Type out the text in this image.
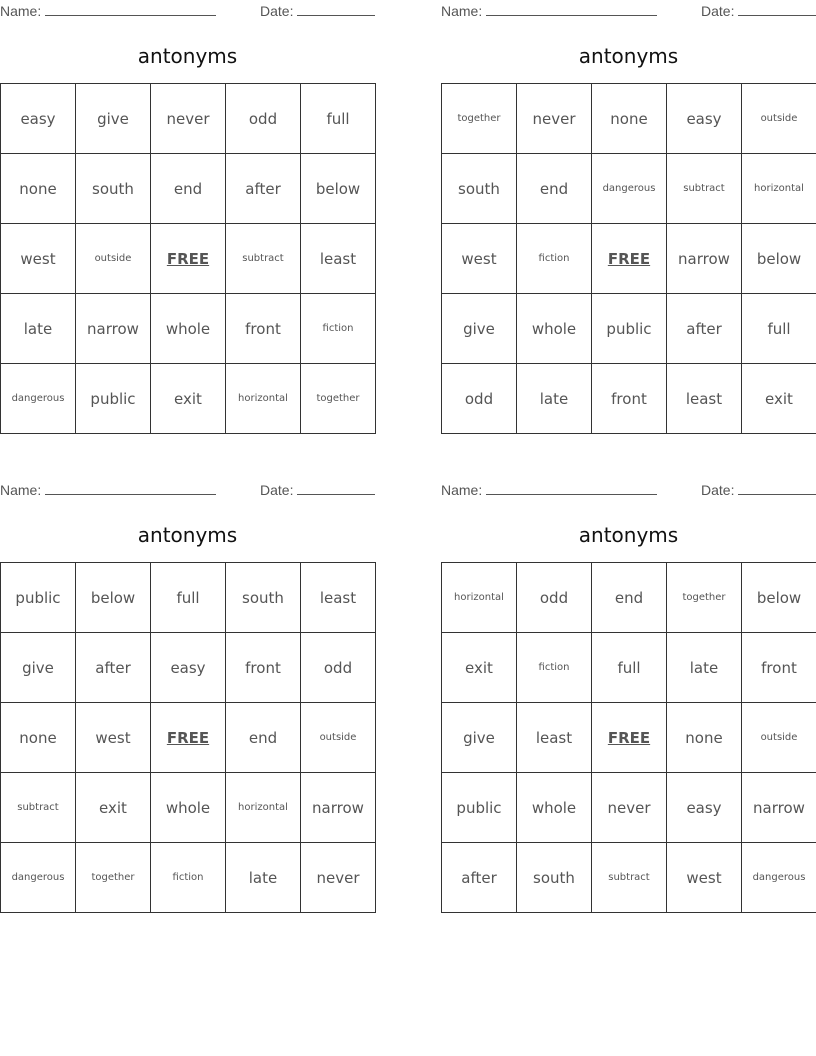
Name:	Date:
antonyms
easy	give	never	odd	full
none	south	end	after	below
west	outside	FREE	subtract	least
late	narrow	whole	front	fiction
dangerous	public	exit	horizontal	together
Name:	Date:
antonyms
together	never	none	easy	outside
south	end	dangerous	subtract	horizontal
west	fiction	FREE	narrow	below
give	whole	public	after	full
odd	late	front	least	exit
Name:	Date:
antonyms
public	below	full	south	least
give	after	easy	front	odd
none	west	FREE	end	outside
subtract	exit	whole	horizontal	narrow
dangerous	together	fiction	late	never
Name:	Date:
antonyms
horizontal	odd	end	together	below
exit	fiction	full	late	front
give	least	FREE	none	outside
public	whole	never	easy	narrow
after	south	subtract	west	dangerous
